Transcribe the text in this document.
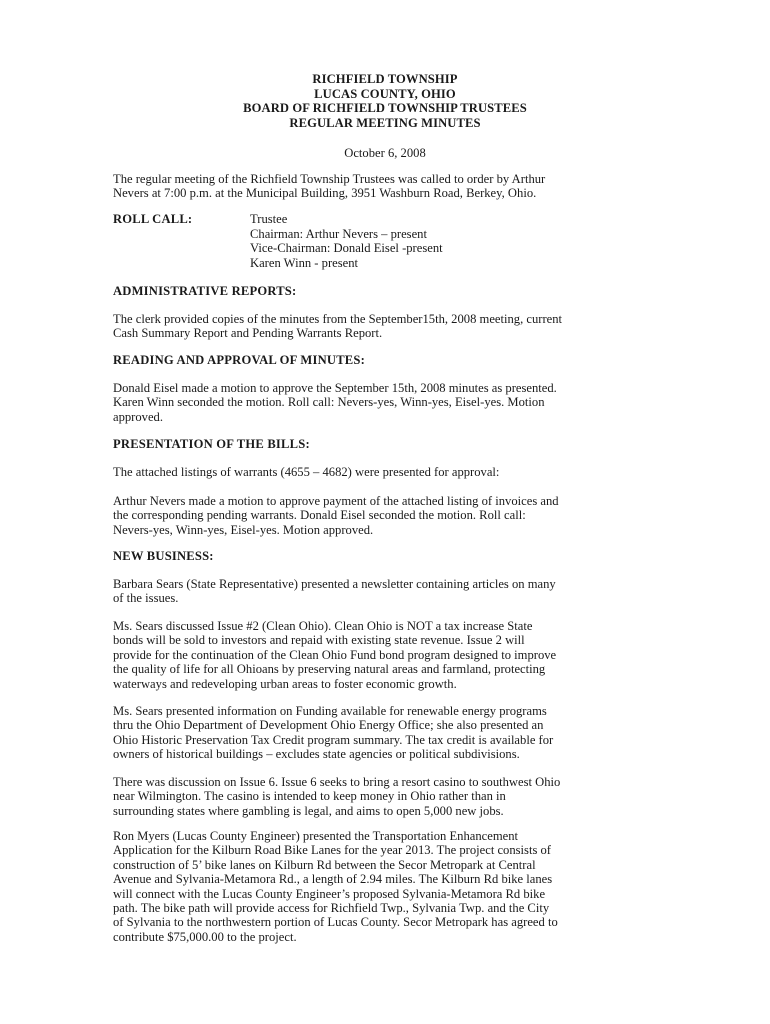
RICHFIELD TOWNSHIP
LUCAS COUNTY, OHIO
BOARD OF RICHFIELD TOWNSHIP TRUSTEES
REGULAR MEETING MINUTES
October 6, 2008
The regular meeting of the Richfield Township Trustees was called to order by Arthur
Nevers at 7:00 p.m. at the Municipal Building, 3951 Washburn Road, Berkey, Ohio.
ROLL CALL:	Trustee
Chairman: Arthur Nevers – present
Vice-Chairman: Donald Eisel -present
Karen Winn - present
ADMINISTRATIVE REPORTS:
The clerk provided copies of the minutes from the September15th, 2008 meeting, current
Cash Summary Report and Pending Warrants Report.
READING AND APPROVAL OF MINUTES:
Donald Eisel made a motion to approve the September 15th, 2008 minutes as presented.
Karen Winn seconded the motion. Roll call: Nevers-yes, Winn-yes, Eisel-yes. Motion
approved.
PRESENTATION OF THE BILLS:
The attached listings of warrants (4655 – 4682) were presented for approval:
Arthur Nevers made a motion to approve payment of the attached listing of invoices and
the corresponding pending warrants. Donald Eisel seconded the motion. Roll call:
Nevers-yes, Winn-yes, Eisel-yes. Motion approved.
NEW BUSINESS:
Barbara Sears (State Representative) presented a newsletter containing articles on many
of the issues.
Ms. Sears discussed Issue #2 (Clean Ohio). Clean Ohio is NOT a tax increase State
bonds will be sold to investors and repaid with existing state revenue. Issue 2 will
provide for the continuation of the Clean Ohio Fund bond program designed to improve
the quality of life for all Ohioans by preserving natural areas and farmland, protecting
waterways and redeveloping urban areas to foster economic growth.
Ms. Sears presented information on Funding available for renewable energy programs
thru the Ohio Department of Development Ohio Energy Office; she also presented an
Ohio Historic Preservation Tax Credit program summary. The tax credit is available for
owners of historical buildings – excludes state agencies or political subdivisions.
There was discussion on Issue 6. Issue 6 seeks to bring a resort casino to southwest Ohio
near Wilmington. The casino is intended to keep money in Ohio rather than in
surrounding states where gambling is legal, and aims to open 5,000 new jobs.
Ron Myers (Lucas County Engineer) presented the Transportation Enhancement
Application for the Kilburn Road Bike Lanes for the year 2013. The project consists of
construction of 5’ bike lanes on Kilburn Rd between the Secor Metropark at Central
Avenue and Sylvania-Metamora Rd., a length of 2.94 miles. The Kilburn Rd bike lanes
will connect with the Lucas County Engineer’s proposed Sylvania-Metamora Rd bike
path. The bike path will provide access for Richfield Twp., Sylvania Twp. and the City
of Sylvania to the northwestern portion of Lucas County. Secor Metropark has agreed to
contribute $75,000.00 to the project.
